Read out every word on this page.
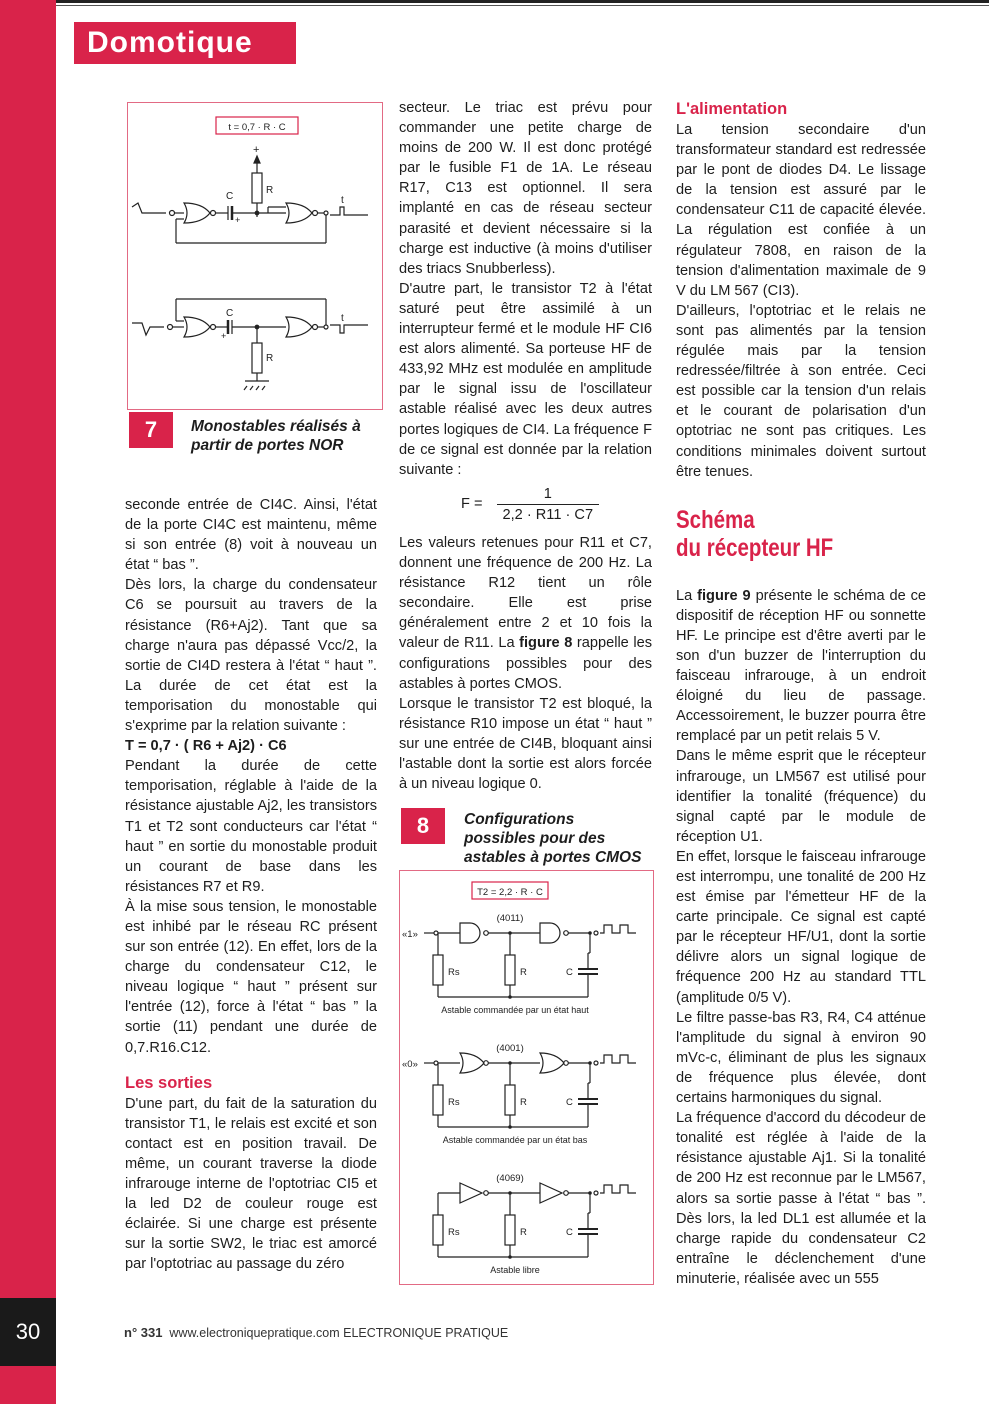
30
Domotique
t = 0,7 · R · C
+
R
C
+
t
C
+
t
R
7	Monostables réalisés à partir de portes NOR

seconde entrée de CI4C. Ainsi, l'état de la porte CI4C est maintenu, même si son entrée (8) voit à nouveau un état “ bas ”.

Dès lors, la charge du condensateur C6 se poursuit au travers de la résistance (R6+Aj2). Tant que sa charge n'aura pas dépassé Vcc/2, la sortie de CI4D restera à l'état “ haut ”. La durée de cet état est la temporisation du monostable qui s'exprime par la relation suivante :

T = 0,7 · ( R6 + Aj2) · C6

Pendant la durée de cette temporisation, réglable à l'aide de la résistance ajustable Aj2, les transistors T1 et T2 sont conducteurs car l'état “ haut ” en sortie du monostable produit un courant de base dans les résistances R7 et R9.

À la mise sous tension, le monostable est inhibé par le réseau RC présent sur son entrée (12). En effet, lors de la charge du condensateur C12, le niveau logique “ haut ” présent sur l'entrée (12), force à l'état “ bas ” la sortie (11) pendant une durée de 0,7.R16.C12.

Les sorties

D'une part, du fait de la saturation du transistor T1, le relais est excité et son contact est en position travail. De même, un courant traverse la diode infrarouge interne de l'optotriac CI5 et la led D2 de couleur rouge est éclairée. Si une charge est présente sur la sortie SW2, le triac est amorcé par l'optotriac au passage du zéro

secteur. Le triac est prévu pour commander une petite charge de moins de 200 W. Il est donc protégé par le fusible F1 de 1A. Le réseau R17, C13 est optionnel. Il sera implanté en cas de réseau secteur parasité et devient nécessaire si la charge est inductive (à moins d'utiliser des triacs Snubberless).

D'autre part, le transistor T2 à l'état saturé peut être assimilé à un interrupteur fermé et le module HF CI6 est alors alimenté. Sa porteuse HF de 433,92 MHz est modulée en amplitude par le signal issu de l'oscillateur astable réalisé avec les deux autres portes logiques de CI4. La fréquence F de ce signal est donnée par la relation suivante :

$F = \frac{1}{2,2 \cdot R11 \cdot C7}$

Les valeurs retenues pour R11 et C7, donnent une fréquence de 200 Hz. La résistance R12 tient un rôle secondaire. Elle est prise généralement entre 2 et 10 fois la valeur de R11. La figure 8 rappelle les configurations possibles pour des astables à portes CMOS.

Lorsque le transistor T2 est bloqué, la résistance R10 impose un état “ haut ” sur une entrée de CI4B, bloquant ainsi l'astable dont la sortie est alors forcée à un niveau logique 0.

8	Configurations possibles pour des astables à portes CMOS
T2 = 2,2 · R · C
«1»
(4011)
Rs	R	C
Astable commandée par un état haut
«0»
(4001)
Rs	R	C
Astable commandée par un état bas
(4069)
Rs	R	C
Astable libre

L'alimentation

La tension secondaire d'un transformateur standard est redressée par le pont de diodes D4. Le lissage de la tension est assuré par le condensateur C11 de capacité élevée. La régulation est confiée à un régulateur 7808, en raison de la tension d'alimentation maximale de 9 V du LM 567 (CI3).

D'ailleurs, l'optotriac et le relais ne sont pas alimentés par la tension régulée mais par la tension redressée/filtrée à son entrée. Ceci est possible car la tension d'un relais et le courant de polarisation d'un optotriac ne sont pas critiques. Les conditions minimales doivent surtout être tenues.

Schéma
du récepteur HF

La figure 9 présente le schéma de ce dispositif de réception HF ou sonnette HF. Le principe est d'être averti par le son d'un buzzer de l'interruption du faisceau infrarouge, à un endroit éloigné du lieu de passage. Accessoirement, le buzzer pourra être remplacé par un petit relais 5 V.

Dans le même esprit que le récepteur infrarouge, un LM567 est utilisé pour identifier la tonalité (fréquence) du signal capté par le module de réception U1.

En effet, lorsque le faisceau infrarouge est interrompu, une tonalité de 200 Hz est émise par l'émetteur HF de la carte principale. Ce signal est capté par le récepteur HF/U1, dont la sortie délivre alors un signal logique de fréquence 200 Hz au standard TTL (amplitude 0/5 V).

Le filtre passe-bas R3, R4, C4 atténue l'amplitude du signal à environ 90 mVc-c, éliminant de plus les signaux de fréquence plus élevée, dont certains harmoniques du signal.

La fréquence d'accord du décodeur de tonalité est réglée à l'aide de la résistance ajustable Aj1. Si la tonalité de 200 Hz est reconnue par le LM567, alors sa sortie passe à l'état “ bas ”. Dès lors, la led DL1 est allumée et la charge rapide du condensateur C2 entraîne le déclenchement d'une minuterie, réalisée avec un 555

n° 331 www.electroniquepratique.com ELECTRONIQUE PRATIQUE
